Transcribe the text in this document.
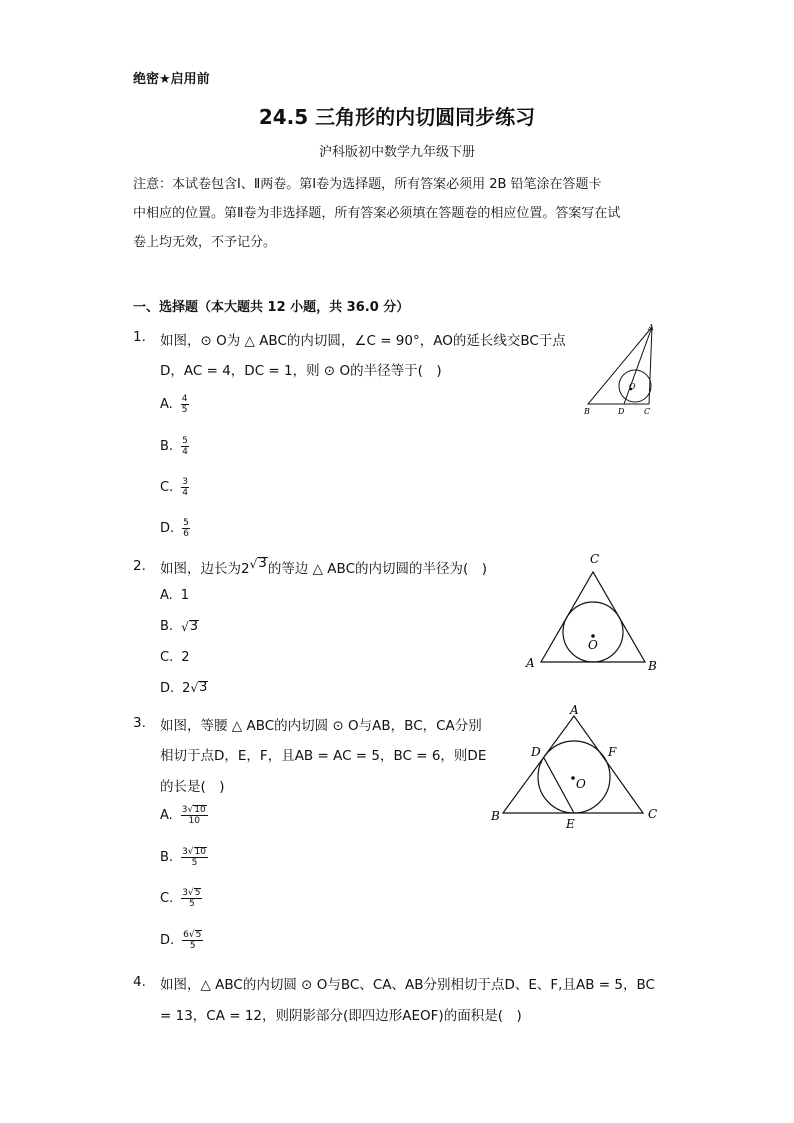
绝密★启用前
24.5 三角形的内切圆同步练习
沪科版初中数学九年级下册
注意：本试卷包含Ⅰ、Ⅱ两卷。第Ⅰ卷为选择题，所有答案必须用 2B 铅笔涂在答题卡
中相应的位置。第Ⅱ卷为非选择题，所有答案必须填在答题卷的相应位置。答案写在试
卷上均无效，不予记分。
一、选择题（本大题共 12 小题，共 36.0 分）
1.	如图，⊙ O为 △ ABC的内切圆，∠C = 90°，AO的延长线交BC于点
D，AC = 4，DC = 1，则 ⊙ O的半径等于(　)
A. $\frac{4}{5}$
B. $\frac{5}{4}$
C. $\frac{3}{4}$
D. $\frac{5}{6}$
A
B	D C
O
2.	如图，边长为2 √ 3 的等边 △ ABC的内切圆的半径为(　)
A. 1
B. √ 3
C. 2
D. 2 √ 3
C
A	B
O
3.	如图，等腰 △ ABC的内切圆 ⊙ O与AB，BC，CA分别
相切于点D，E，F，且AB = AC = 5，BC = 6，则DE
的长是(　)
A. $\frac{3 √ 10}{10}$
B. $\frac{3 √ 10}{5}$
C. $\frac{3 √ 5}{5}$
D. $\frac{6 √ 5}{5}$
A
B	C
D	F
E
O
4.	如图，△ ABC的内切圆 ⊙ O与BC、CA、AB分别相切于点D、E、F,且AB = 5，BC
= 13，CA = 12，则阴影部分(即四边形AEOF)的面积是(　)
